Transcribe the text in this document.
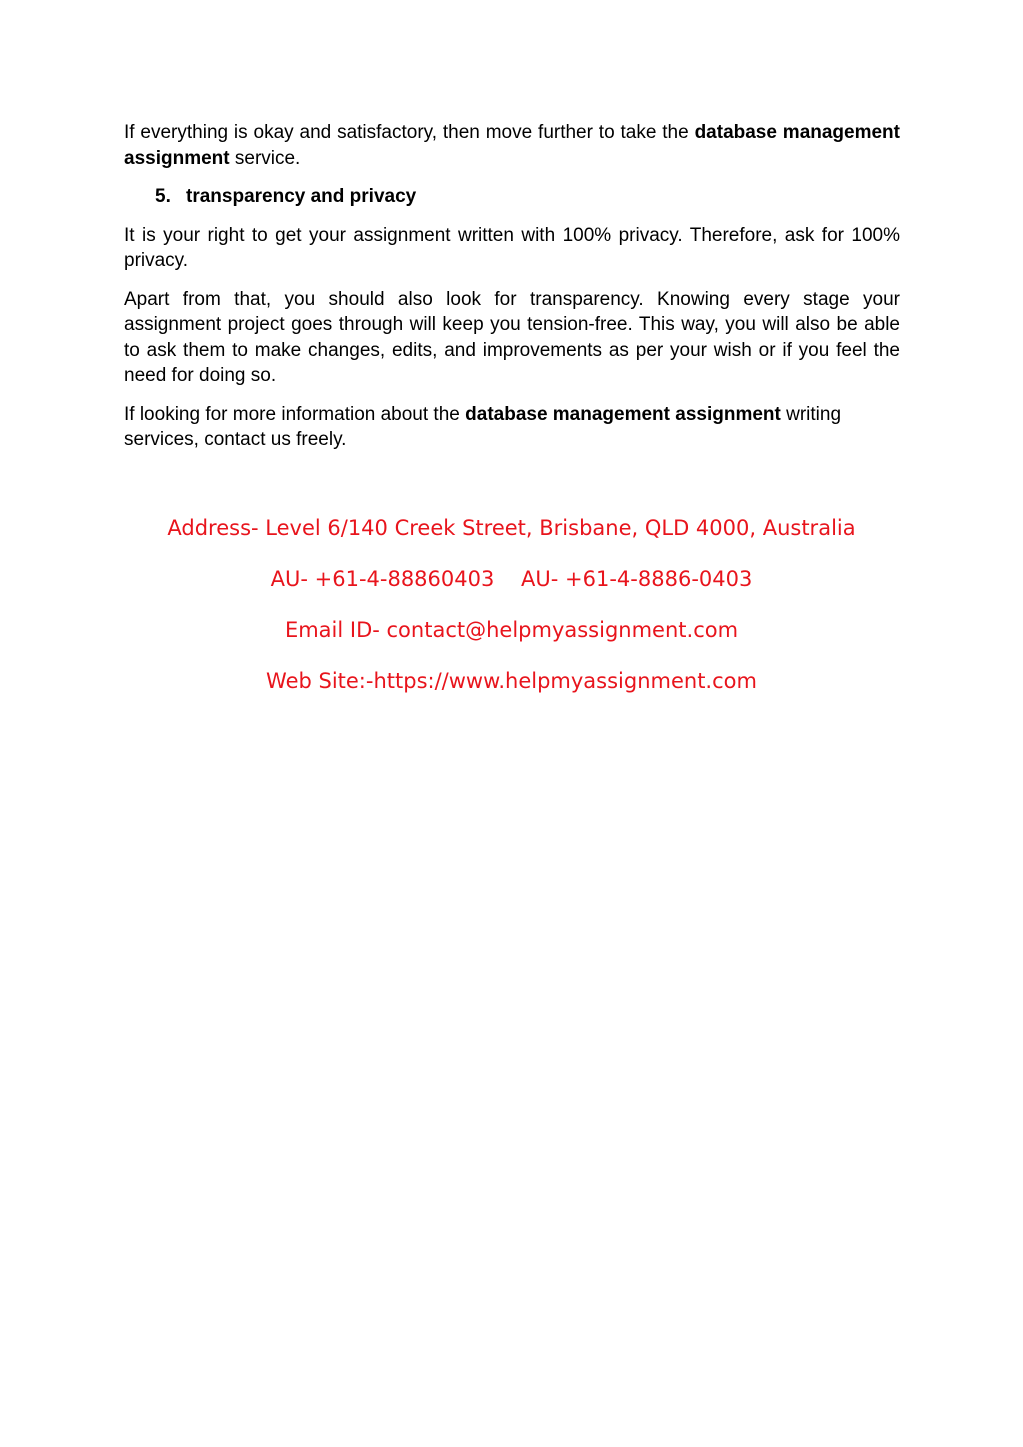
If everything is okay and satisfactory, then move further to take the database management assignment service.

5. transparency and privacy

It is your right to get your assignment written with 100% privacy. Therefore, ask for 100% privacy.

Apart from that, you should also look for transparency. Knowing every stage your assignment project goes through will keep you tension-free. This way, you will also be able to ask them to make changes, edits, and improvements as per your wish or if you feel the need for doing so.

If looking for more information about the database management assignment writing services, contact us freely.

Address- Level 6/140 Creek Street, Brisbane, QLD 4000, Australia
AU- +61-4-88860403    AU- +61-4-8886-0403
Email ID- contact@helpmyassignment.com
Web Site:-https://www.helpmyassignment.com
